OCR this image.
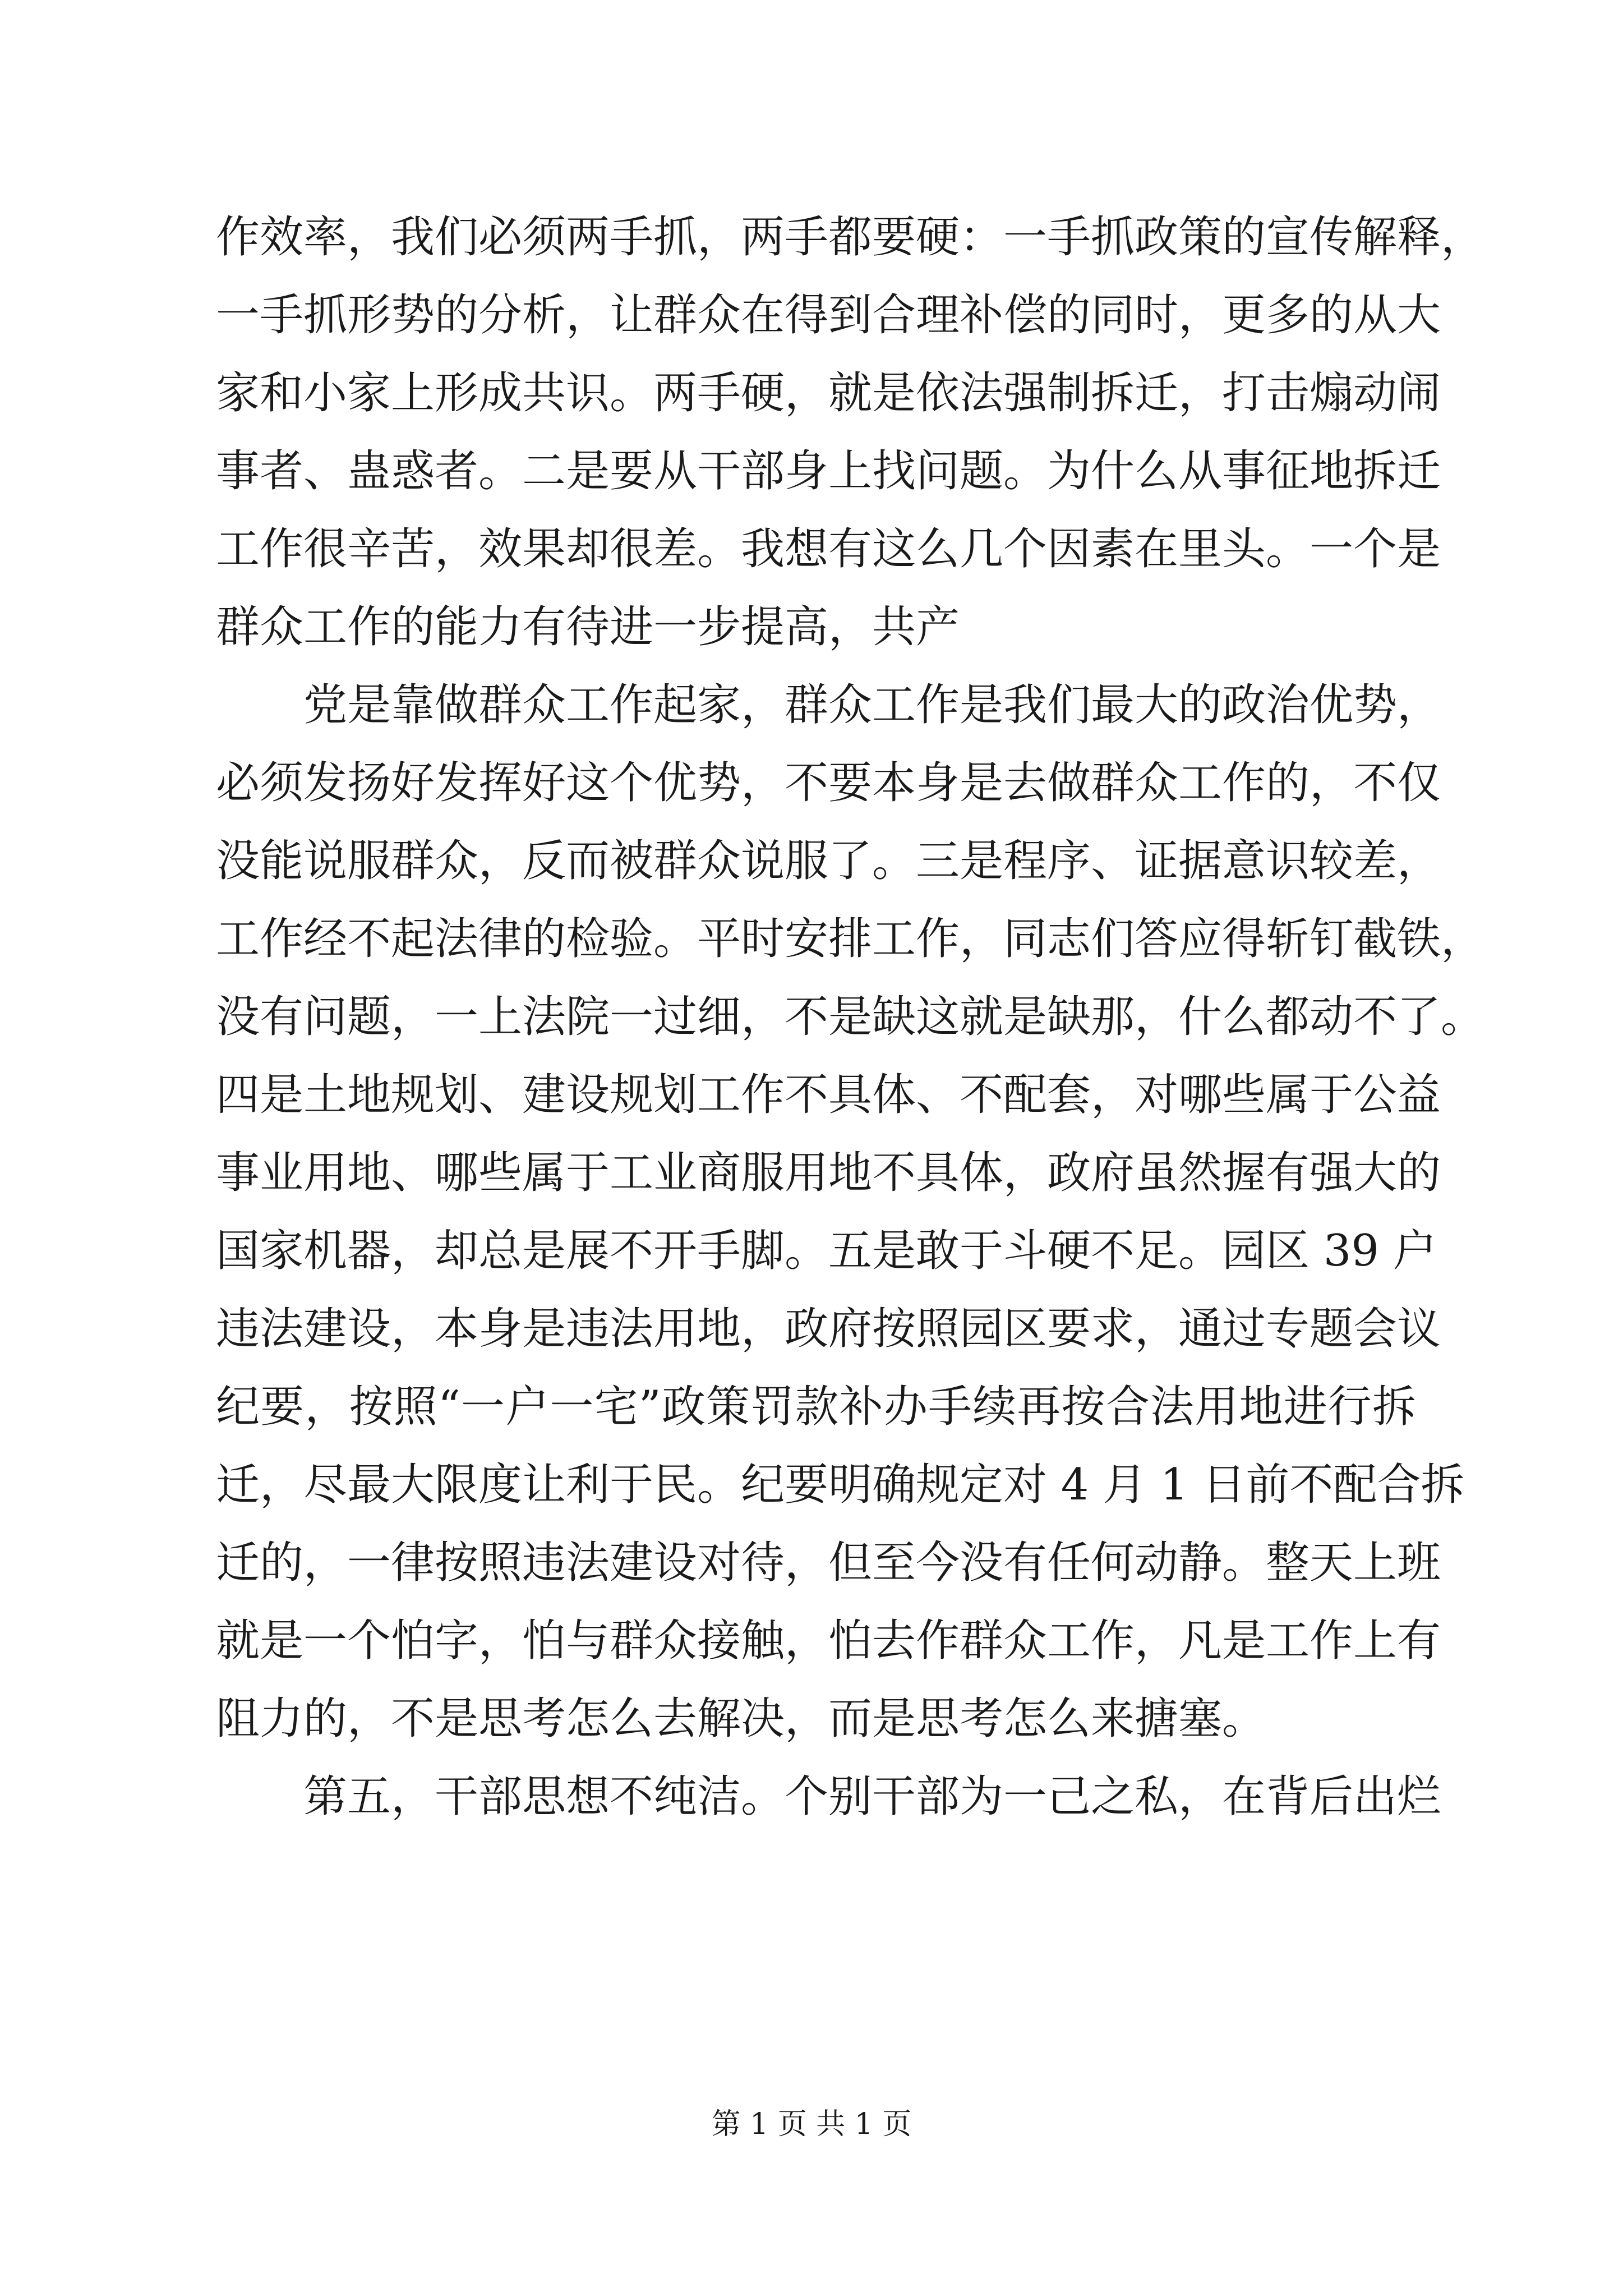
作效率，我们必须两手抓，两手都要硬：一手抓政策的宣传解释，
一手抓形势的分析，让群众在得到合理补偿的同时，更多的从大
家和小家上形成共识。两手硬，就是依法强制拆迁，打击煽动闹
事者、蛊惑者。二是要从干部身上找问题。为什么从事征地拆迁
工作很辛苦，效果却很差。我想有这么几个因素在里头。一个是
群众工作的能力有待进一步提高，共产
党是靠做群众工作起家，群众工作是我们最大的政治优势，
必须发扬好发挥好这个优势，不要本身是去做群众工作的，不仅
没能说服群众，反而被群众说服了。三是程序、证据意识较差，
工作经不起法律的检验。平时安排工作，同志们答应得斩钉截铁，
没有问题，一上法院一过细，不是缺这就是缺那，什么都动不了。
四是土地规划、建设规划工作不具体、不配套，对哪些属于公益
事业用地、哪些属于工业商服用地不具体，政府虽然握有强大的
国家机器，却总是展不开手脚。五是敢于斗硬不足。园区 39 户
违法建设，本身是违法用地，政府按照园区要求，通过专题会议
纪要，按照“一户一宅”政策罚款补办手续再按合法用地进行拆
迁，尽最大限度让利于民。纪要明确规定对 4 月 1 日前不配合拆
迁的，一律按照违法建设对待，但至今没有任何动静。整天上班
就是一个怕字，怕与群众接触，怕去作群众工作，凡是工作上有
阻力的，不是思考怎么去解决，而是思考怎么来搪塞。
第五，干部思想不纯洁。个别干部为一己之私，在背后出烂
第 1 页 共 1 页
